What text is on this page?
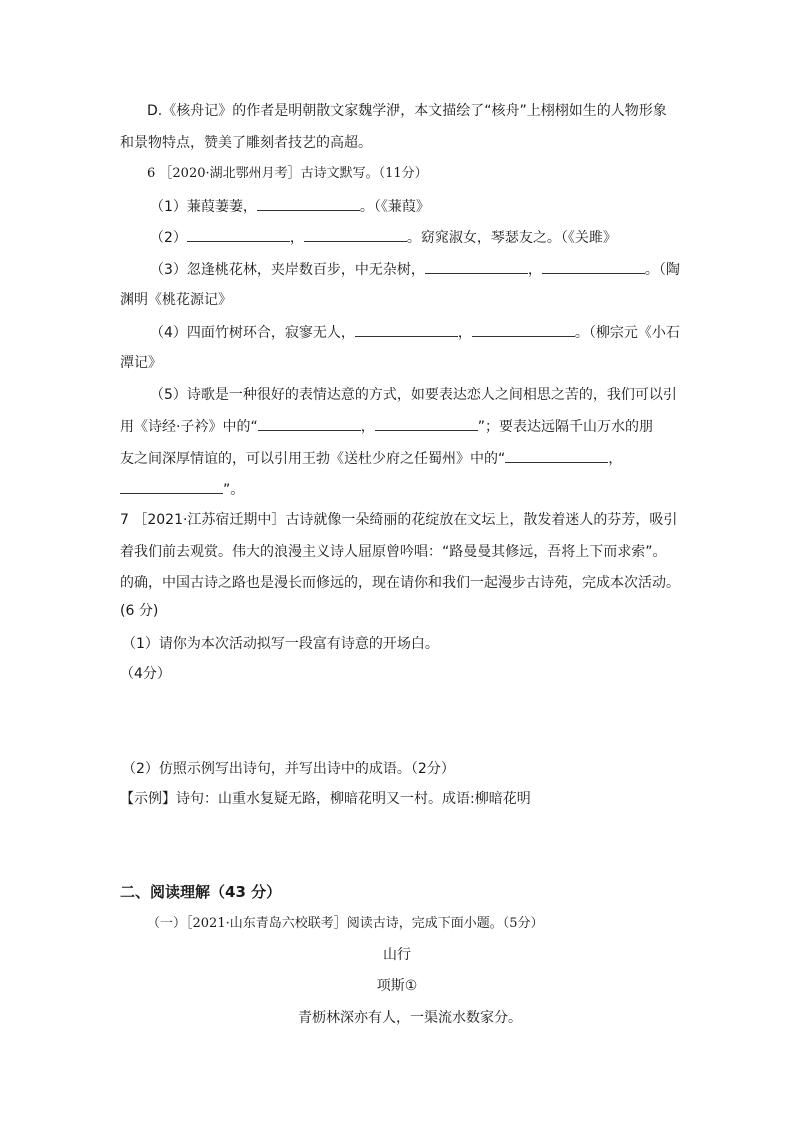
D.《核舟记》的作者是明朝散文家魏学洢，本文描绘了“核舟”上栩栩如生的人物形象
和景物特点，赞美了雕刻者技艺的高超。
6 ［2020·湖北鄂州月考］古诗文默写。（11分）
（1）蒹葭萋萋，	。（《蒹葭》
（2）	，	。窈窕淑女，琴瑟友之。（《关雎》
（3）忽逢桃花林，夹岸数百步，中无杂树，	，	。（陶
渊明《桃花源记》
（4）四面竹树环合，寂寥无人，	，	。（柳宗元《小石
潭记》
（5）诗歌是一种很好的表情达意的方式，如要表达恋人之间相思之苦的，我们可以引
用《诗经·子衿》中的“	，	”；要表达远隔千山万水的朋
友之间深厚情谊的，可以引用王勃《送杜少府之任蜀州》中的“	，
”。
7 ［2021·江苏宿迁期中］古诗就像一朵绮丽的花绽放在文坛上，散发着迷人的芬芳，吸引
着我们前去观赏。伟大的浪漫主义诗人屈原曾吟唱：“路曼曼其修远，吾将上下而求索”。
的确，中国古诗之路也是漫长而修远的，现在请你和我们一起漫步古诗苑，完成本次活动。
(6 分)
（1）请你为本次活动拟写一段富有诗意的开场白。
（4分）
（2）仿照示例写出诗句，并写出诗中的成语。（2分）
【示例】诗句：山重水复疑无路，柳暗花明又一村。成语:柳暗花明
二、阅读理解（43 分）
（一）［2021·山东青岛六校联考］阅读古诗，完成下面小题。（5分）
山行
项斯①
青枥林深亦有人，一渠流水数家分。
